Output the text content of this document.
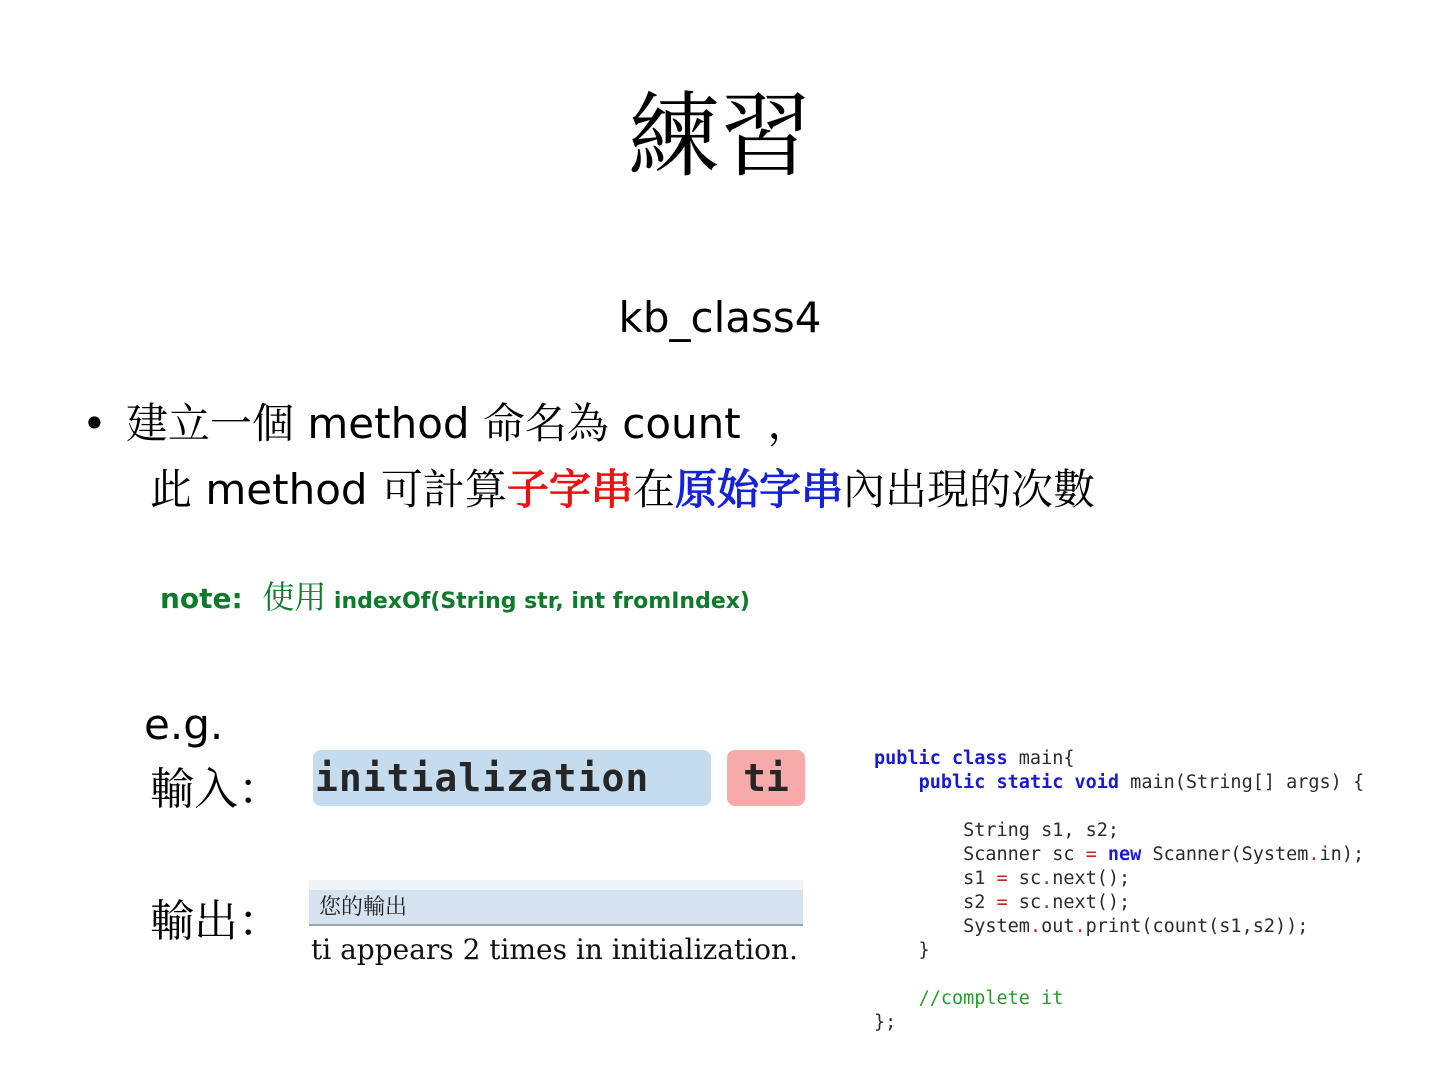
練習
kb_class4
• 建立一個 method 命名為 count  ，
此 method 可計算子字串在原始字串內出現的次數
note:  使用 indexOf(String str, int fromIndex)
e.g.
輸入：
輸出：
initialization	ti

您的輸出

ti appears 2 times in initialization.

public class main{
public static void main(String[] args) {

String s1, s2;
Scanner sc = new Scanner(System.in);
s1 = sc.next();
s2 = sc.next();
System.out.print(count(s1,s2));
}

//complete it
};
